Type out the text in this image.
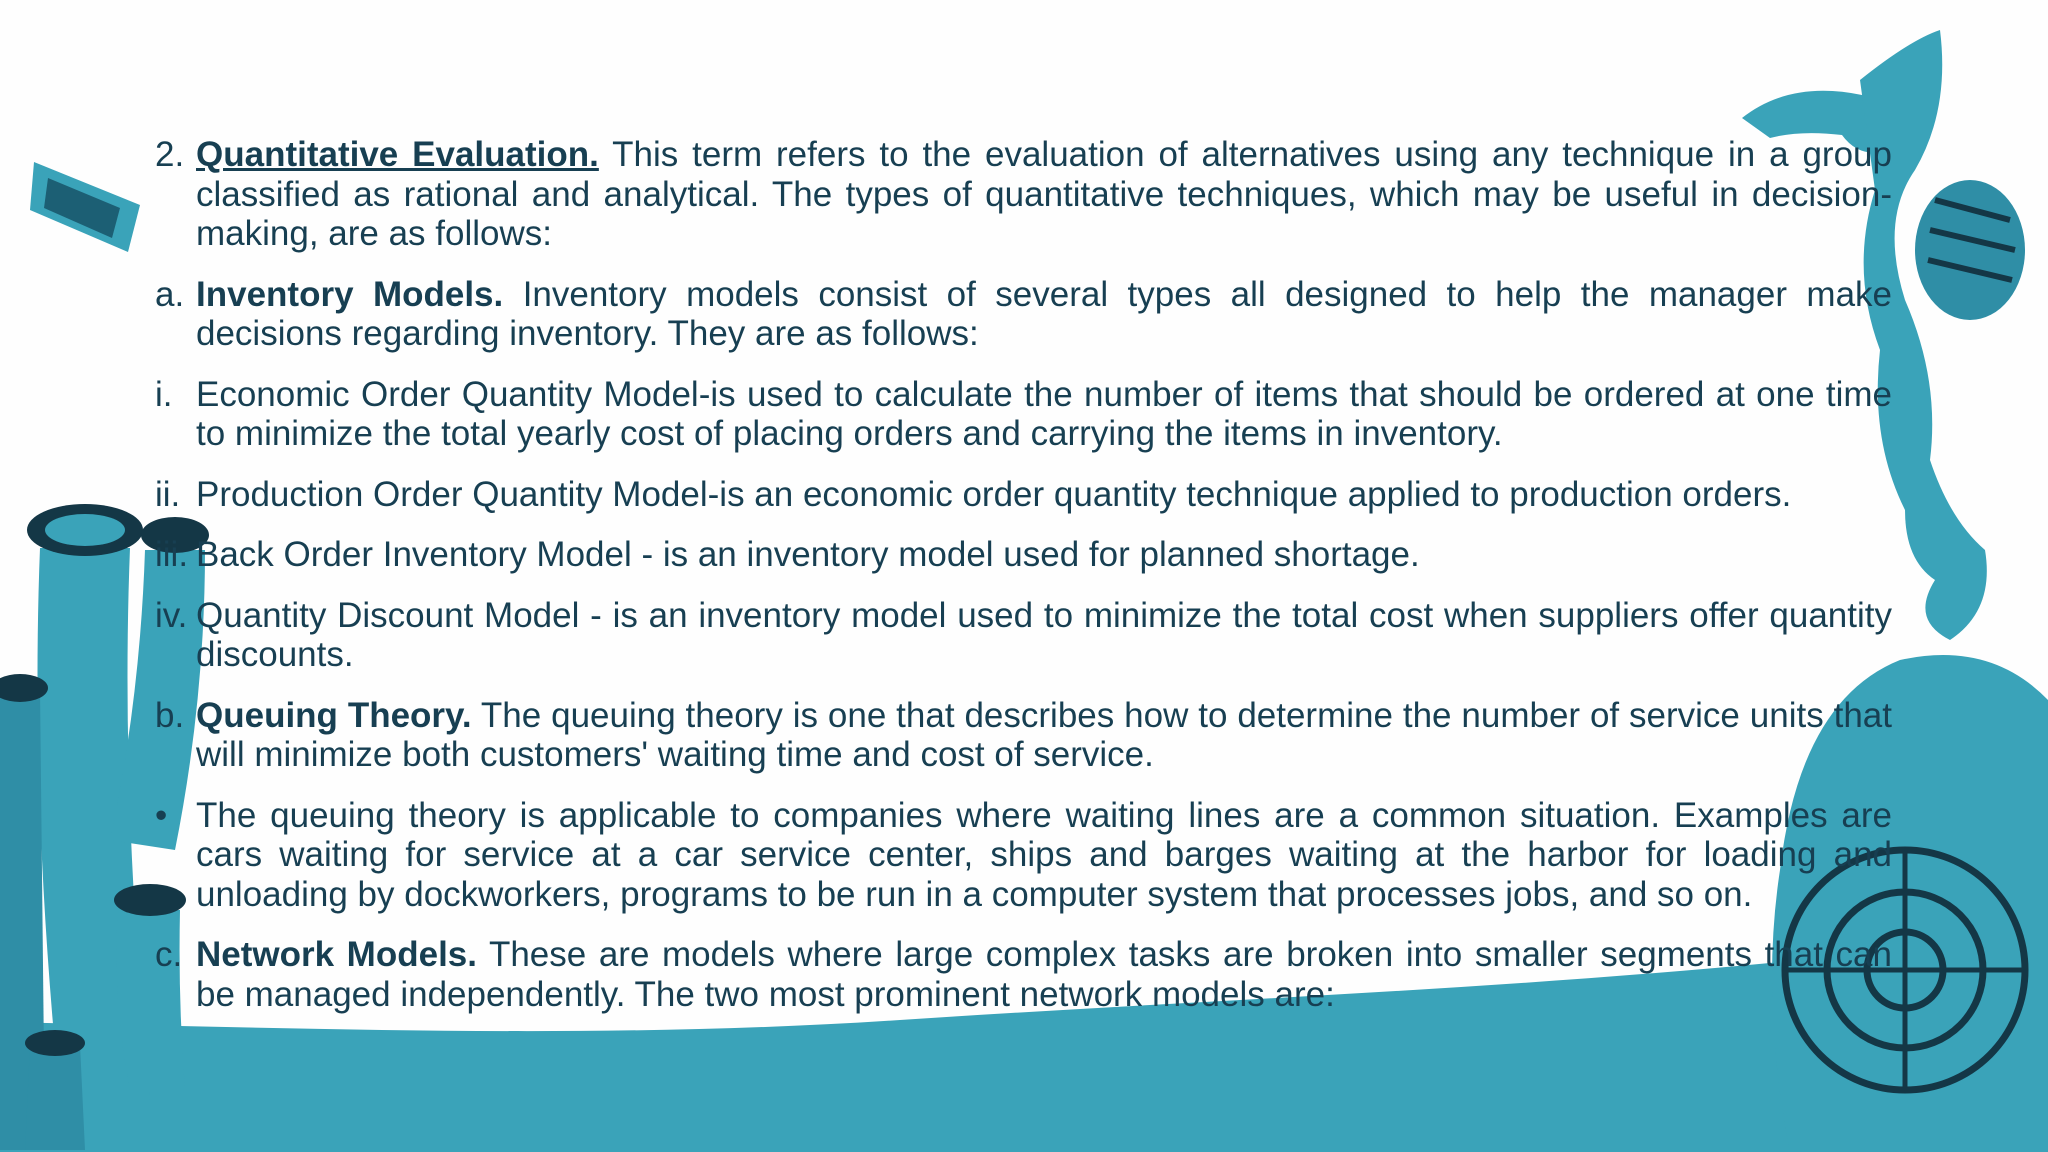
2. Quantitative Evaluation. This term refers to the evaluation of alternatives using any technique in a group classified as rational and analytical. The types of quantitative techniques, which may be useful in decision-making, are as follows:
a. Inventory Models. Inventory models consist of several types all designed to help the manager make decisions regarding inventory. They are as follows:
i. Economic Order Quantity Model-is used to calculate the number of items that should be ordered at one time to minimize the total yearly cost of placing orders and carrying the items in inventory.
ii. Production Order Quantity Model-is an economic order quantity technique applied to production orders.
iii. Back Order Inventory Model - is an inventory model used for planned shortage.
iv. Quantity Discount Model - is an inventory model used to minimize the total cost when suppliers offer quantity discounts.
b. Queuing Theory. The queuing theory is one that describes how to determine the number of service units that will minimize both customers' waiting time and cost of service.
• The queuing theory is applicable to companies where waiting lines are a common situation. Examples are cars waiting for service at a car service center, ships and barges waiting at the harbor for loading and unloading by dockworkers, programs to be run in a computer system that processes jobs, and so on.
c. Network Models. These are models where large complex tasks are broken into smaller segments that can be managed independently. The two most prominent network models are:
